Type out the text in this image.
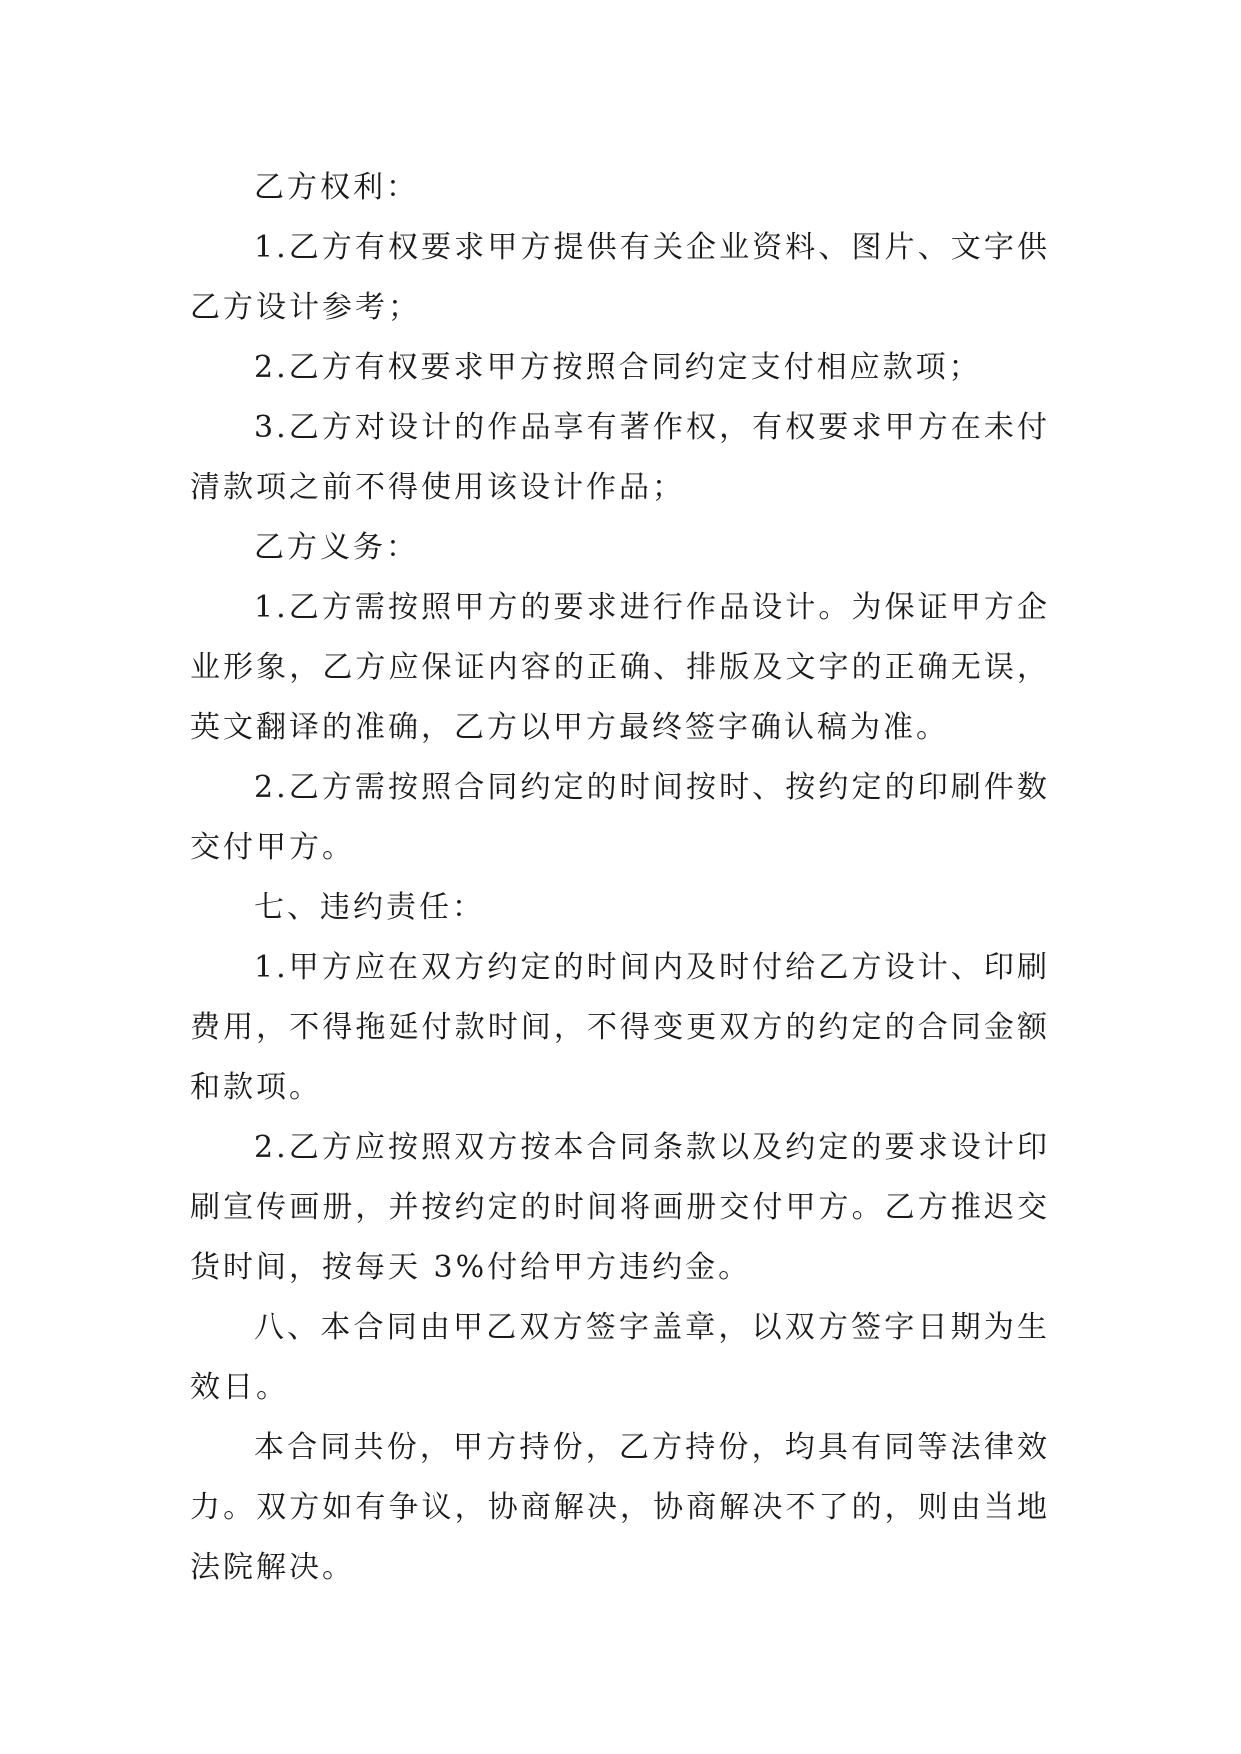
乙方权利：

1.乙方有权要求甲方提供有关企业资料、图片、文字供乙方设计参考；

2.乙方有权要求甲方按照合同约定支付相应款项；

3.乙方对设计的作品享有著作权，有权要求甲方在未付清款项之前不得使用该设计作品；

乙方义务：

1.乙方需按照甲方的要求进行作品设计。为保证甲方企业形象，乙方应保证内容的正确、排版及文字的正确无误，英文翻译的准确，乙方以甲方最终签字确认稿为准。

2.乙方需按照合同约定的时间按时、按约定的印刷件数交付甲方。

七、违约责任：

1.甲方应在双方约定的时间内及时付给乙方设计、印刷费用，不得拖延付款时间，不得变更双方的约定的合同金额和款项。

2.乙方应按照双方按本合同条款以及约定的要求设计印刷宣传画册，并按约定的时间将画册交付甲方。乙方推迟交货时间，按每天 3%付给甲方违约金。

八、本合同由甲乙双方签字盖章，以双方签字日期为生效日。

本合同共份，甲方持份，乙方持份，均具有同等法律效力。双方如有争议，协商解决，协商解决不了的，则由当地法院解决。
